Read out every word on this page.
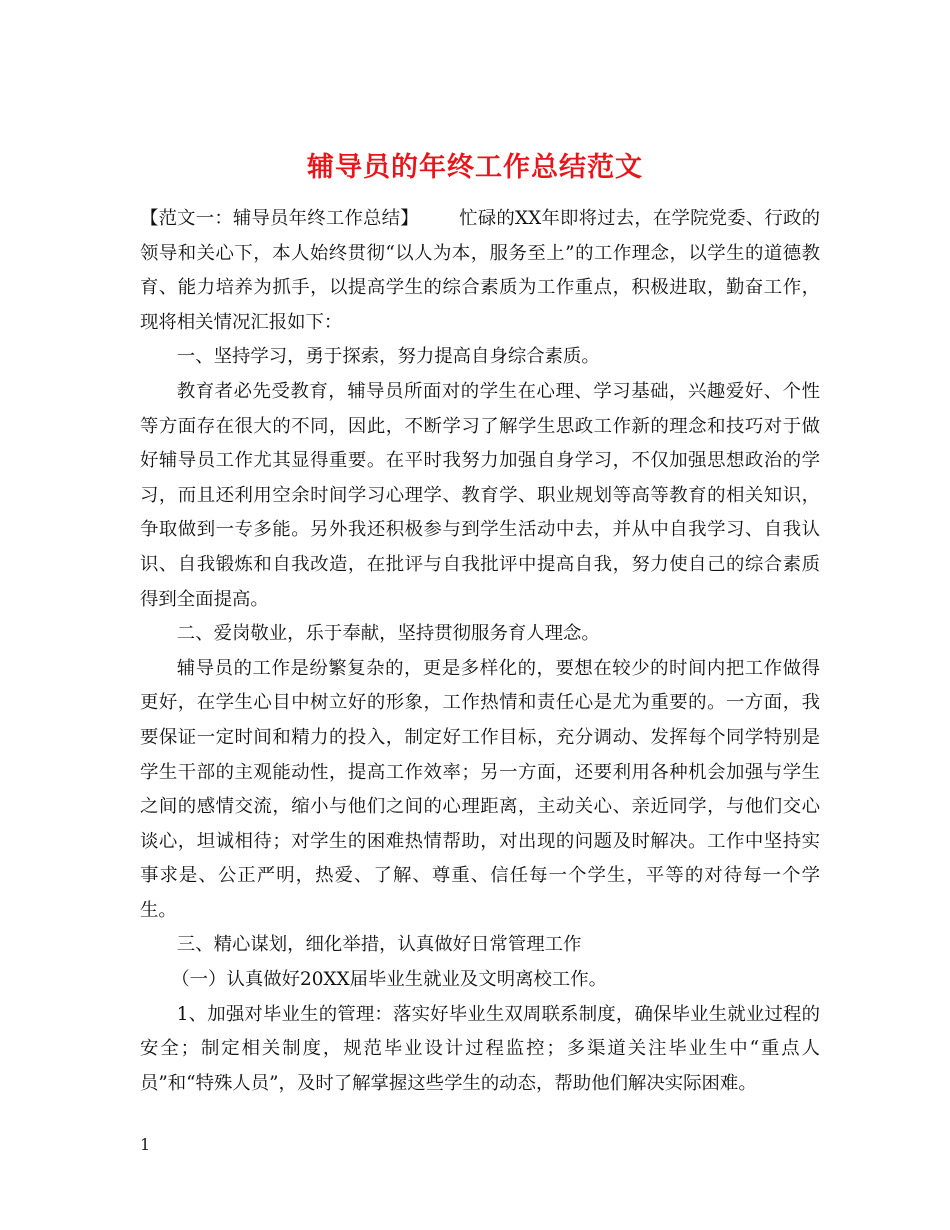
辅导员的年终工作总结范文

【范文一：辅导员年终工作总结】 忙碌的XX年即将过去，在学院党委、行政的领导和关心下，本人始终贯彻“以人为本，服务至上”的工作理念，以学生的道德教育、能力培养为抓手，以提高学生的综合素质为工作重点，积极进取，勤奋工作，现将相关情况汇报如下：

一、坚持学习，勇于探索，努力提高自身综合素质。

教育者必先受教育，辅导员所面对的学生在心理、学习基础，兴趣爱好、个性等方面存在很大的不同，因此，不断学习了解学生思政工作新的理念和技巧对于做好辅导员工作尤其显得重要。在平时我努力加强自身学习，不仅加强思想政治的学习，而且还利用空余时间学习心理学、教育学、职业规划等高等教育的相关知识，争取做到一专多能。另外我还积极参与到学生活动中去，并从中自我学习、自我认识、自我锻炼和自我改造，在批评与自我批评中提高自我，努力使自己的综合素质得到全面提高。

二、爱岗敬业，乐于奉献，坚持贯彻服务育人理念。

辅导员的工作是纷繁复杂的，更是多样化的，要想在较少的时间内把工作做得更好，在学生心目中树立好的形象，工作热情和责任心是尤为重要的。一方面，我要保证一定时间和精力的投入，制定好工作目标，充分调动、发挥每个同学特别是学生干部的主观能动性，提高工作效率；另一方面，还要利用各种机会加强与学生之间的感情交流，缩小与他们之间的心理距离，主动关心、亲近同学，与他们交心谈心，坦诚相待；对学生的困难热情帮助，对出现的问题及时解决。工作中坚持实事求是、公正严明，热爱、了解、尊重、信任每一个学生，平等的对待每一个学生。

三、精心谋划，细化举措，认真做好日常管理工作

（一）认真做好20XX届毕业生就业及文明离校工作。

1、加强对毕业生的管理：落实好毕业生双周联系制度，确保毕业生就业过程的安全；制定相关制度，规范毕业设计过程监控；多渠道关注毕业生中“重点人员”和“特殊人员”，及时了解掌握这些学生的动态，帮助他们解决实际困难。

1
